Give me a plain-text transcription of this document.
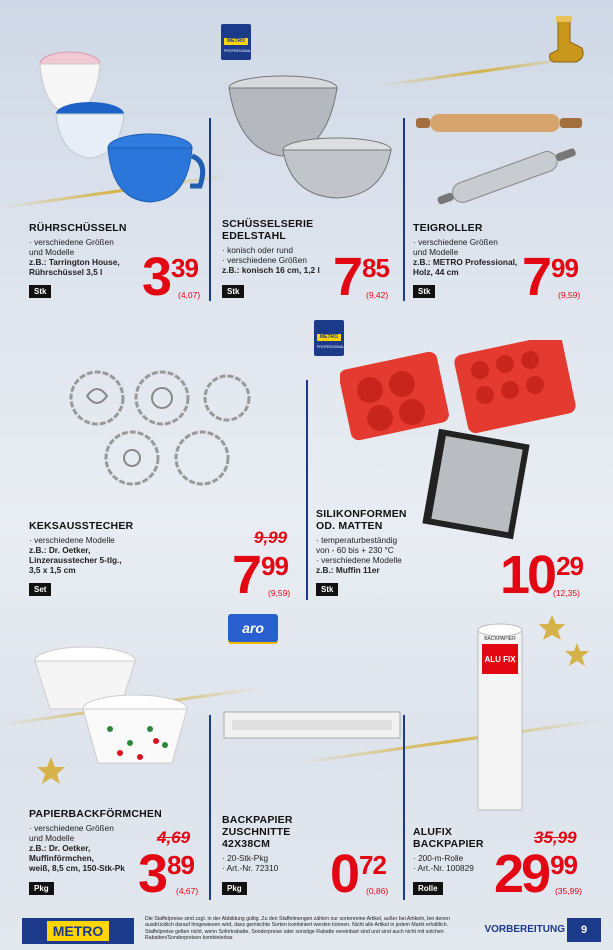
METRO
PROFESSIONAL
METRO
PROFESSIONAL
aro
BACKPAPIER
ALU FIX
RÜHRSCHÜSSELN
· verschiedene Größen
und Modelle
z.B.: Tarrington House,
Rührschüssel 3,5 l
Stk 3 39
(4,07)
SCHÜSSELSERIE
EDELSTAHL
· konisch oder rund
· verschiedene Größen
z.B.: konisch 16 cm, 1,2 l
Stk 7 85
(9,42)
TEIGROLLER
· verschiedene Größen
und Modelle
z.B.: METRO Professional,
Holz, 44 cm
Stk 7 99
(9,59)
KEKSAUSSTECHER
· verschiedene Modelle
z.B.: Dr. Oetker,
Linzerausstecher 5-tlg.,
3,5 x 1,5 cm
Set
9,99
7 99
(9,59)
SILIKONFORMEN
OD. MATTEN
· temperaturbeständig
von - 60 bis + 230 °C
· verschiedene Modelle
z.B.: Muffin 11er
Stk	10 29
(12,35)
PAPIERBACKFÖRMCHEN
· verschiedene Größen
und Modelle
z.B.: Dr. Oetker,
Muffinförmchen,
weiß, 8,5 cm, 150-Stk-Pk
Pkg
4,69
3 89
(4,67)
BACKPAPIER
ZUSCHNITTE
42X38CM
· 20-Stk-Pkg
· Art.-Nr. 72310
Pkg 0 72
(0,86)
ALUFIX
BACKPAPIER
· 200-m-Rolle
· Art.-Nr. 100829
Rolle
35,99
29 99
(35,99)
METRO
Die Staffelpreise sind zzgl. in der Abbildung gültig. Zu den Staffelmengen zählen nur sortenreine Artikel, außer bei Artikeln, bei denen ausdrücklich darauf hingewiesen wird, dass gemischte Sorten kombiniert werden können. Nicht alle Artikel in jedem Markt erhältlich. Staffelpreise gelten nicht, wenn Sofortrabatte, Sonderpreise oder sonstige Rabatte vereinbart sind und sind auch nicht mit solchen Rabatten/Sonderpreisen kombinierbar.
VORBEREITUNG	9
